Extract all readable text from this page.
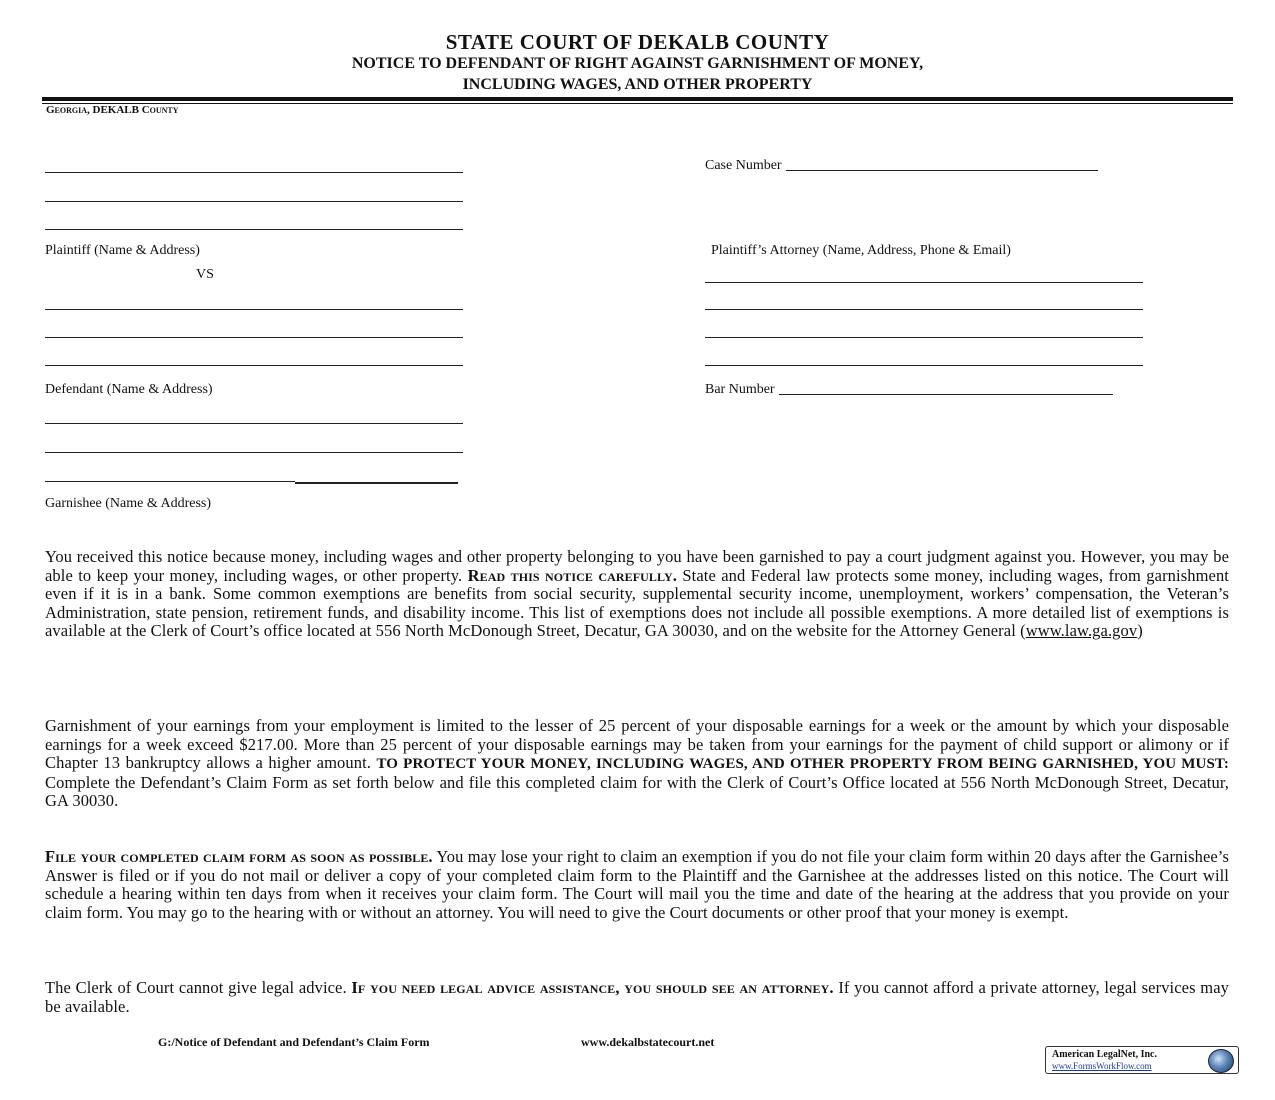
STATE COURT OF DEKALB COUNTY
NOTICE TO DEFENDANT OF RIGHT AGAINST GARNISHMENT OF MONEY,
INCLUDING WAGES, AND OTHER PROPERTY
Georgia, DEKALB County
Plaintiff (Name & Address)
VS
Defendant (Name & Address)
Garnishee (Name & Address)
Case Number
Plaintiff’s Attorney (Name, Address, Phone & Email)
Bar Number
You received this notice because money, including wages and other property belonging to you have been garnished to pay a court judgment against you. However, you may be able to keep your money, including wages, or other property. Read this notice carefully. State and Federal law protects some money, including wages, from garnishment even if it is in a bank. Some common exemptions are benefits from social security, supplemental security income, unemployment, workers’ compensation, the Veteran’s Administration, state pension, retirement funds, and disability income. This list of exemptions does not include all possible exemptions. A more detailed list of exemptions is available at the Clerk of Court’s office located at 556 North McDonough Street, Decatur, GA 30030, and on the website for the Attorney General (www.law.ga.gov)
Garnishment of your earnings from your employment is limited to the lesser of 25 percent of your disposable earnings for a week or the amount by which your disposable earnings for a week exceed $217.00. More than 25 percent of your disposable earnings may be taken from your earnings for the payment of child support or alimony or if Chapter 13 bankruptcy allows a higher amount. TO PROTECT YOUR MONEY, INCLUDING WAGES, AND OTHER PROPERTY FROM BEING GARNISHED, YOU MUST: Complete the Defendant’s Claim Form as set forth below and file this completed claim for with the Clerk of Court’s Office located at 556 North McDonough Street, Decatur, GA 30030.
File your completed claim form as soon as possible. You may lose your right to claim an exemption if you do not file your claim form within 20 days after the Garnishee’s Answer is filed or if you do not mail or deliver a copy of your completed claim form to the Plaintiff and the Garnishee at the addresses listed on this notice. The Court will schedule a hearing within ten days from when it receives your claim form. The Court will mail you the time and date of the hearing at the address that you provide on your claim form. You may go to the hearing with or without an attorney. You will need to give the Court documents or other proof that your money is exempt.
The Clerk of Court cannot give legal advice. If you need legal advice assistance, you should see an attorney. If you cannot afford a private attorney, legal services may be available.
G:/Notice of Defendant and Defendant’s Claim Form	www.dekalbstatecourt.net
American LegalNet, Inc.
www.FormsWorkFlow.com
